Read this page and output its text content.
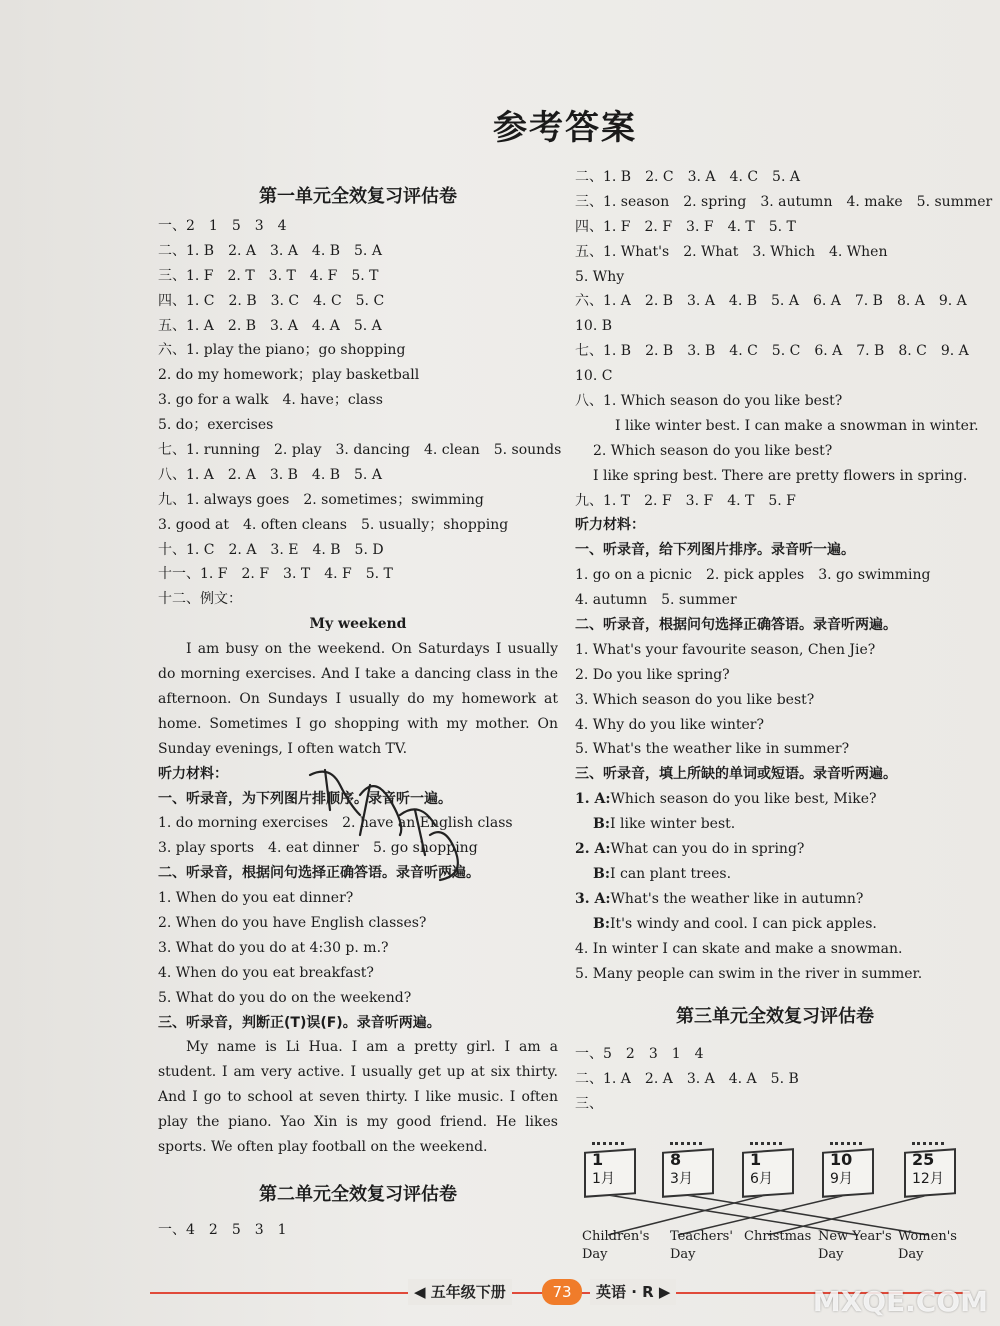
参考答案
第一单元全效复习评估卷
一、2　1　5　3　4
二、1. B　2. A　3. A　4. B　5. A
三、1. F　2. T　3. T　4. F　5. T
四、1. C　2. B　3. C　4. C　5. C
五、1. A　2. B　3. A　4. A　5. A
六、1. play the piano；go shopping
2. do my homework；play basketball
3. go for a walk　4. have；class
5. do；exercises
七、1. running　2. play　3. dancing　4. clean　5. sounds
八、1. A　2. A　3. B　4. B　5. A
九、1. always goes　2. sometimes；swimming
3. good at　4. often cleans　5. usually；shopping
十、1. C　2. A　3. E　4. B　5. D
十一、1. F　2. F　3. T　4. F　5. T
十二、例文：
My weekend
I am busy on the weekend. On Saturdays I usually do morning exercises. And I take a dancing class in the afternoon. On Sundays I usually do my homework at home. Sometimes I go shopping with my mother. On Sunday evenings, I often watch TV.
听力材料：
一、听录音，为下列图片排顺序。录音听一遍。
1. do morning exercises　2. have an English class
3. play sports　4. eat dinner　5. go shopping
二、听录音，根据问句选择正确答语。录音听两遍。
1. When do you eat dinner?
2. When do you have English classes?
3. What do you do at 4:30 p. m.?
4. When do you eat breakfast?
5. What do you do on the weekend?
三、听录音，判断正(T)误(F)。录音听两遍。
My name is Li Hua. I am a pretty girl. I am a student. I am very active. I usually get up at six thirty. And I go to school at seven thirty. I like music. I often play the piano. Yao Xin is my good friend. He likes sports. We often play football on the weekend.
第二单元全效复习评估卷
一、4　2　5　3　1
二、1. B　2. C　3. A　4. C　5. A
三、1. season　2. spring　3. autumn　4. make　5. summer
四、1. F　2. F　3. F　4. T　5. T
五、1. What's　2. What　3. Which　4. When
5. Why
六、1. A　2. B　3. A　4. B　5. A　6. A　7. B　8. A　9. A
10. B
七、1. B　2. B　3. B　4. C　5. C　6. A　7. B　8. C　9. A
10. C
八、1. Which season do you like best?
I like winter best. I can make a snowman in winter.
2. Which season do you like best?
I like spring best. There are pretty flowers in spring.
九、1. T　2. F　3. F　4. T　5. F
听力材料：
一、听录音，给下列图片排序。录音听一遍。
1. go on a picnic　2. pick apples　3. go swimming
4. autumn　5. summer
二、听录音，根据问句选择正确答语。录音听两遍。
1. What's your favourite season, Chen Jie?
2. Do you like spring?
3. Which season do you like best?
4. Why do you like winter?
5. What's the weather like in summer?
三、听录音，填上所缺的单词或短语。录音听两遍。
1. A:Which season do you like best, Mike?
B:I like winter best.
2. A:What can you do in spring?
B:I can plant trees.
3. A:What's the weather like in autumn?
B:It's windy and cool. I can pick apples.
4. In winter I can skate and make a snowman.
5. Many people can swim in the river in summer.
第三单元全效复习评估卷
一、5　2　3　1　4
二、1. A　2. A　3. A　4. A　5. B
三、
1
1月
8
3月
1
6月
10
9月
25
12月
Children's
Day
Teachers'
Day
Christmas New Year's
Day
Women's
Day
◀ 五年级下册	73	英语 · R ▶	MXQE.COM
